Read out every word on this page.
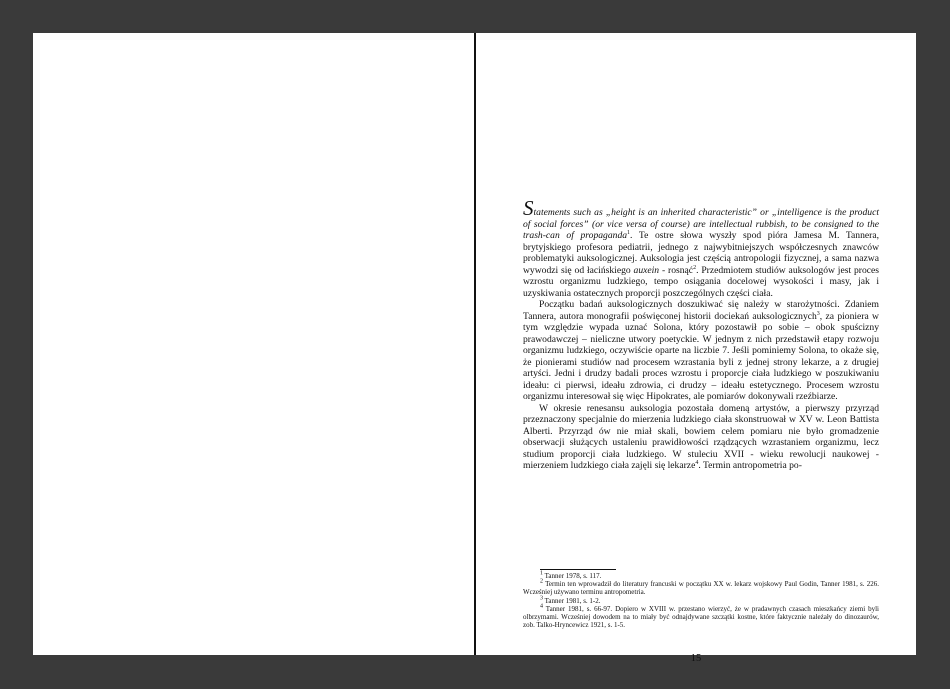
Statements such as „height is an inherited characteristic” or „intelligence is the product of social forces” (or vice versa of course) are intellectual rubbish, to be consigned to the trash-can of propaganda$^1$. Te ostre słowa wyszły spod pióra Jamesa M. Tannera, brytyjskiego profesora pediatrii, jednego z najwybitniejszych współczesnych znawców problematyki auksologicznej. Auksologia jest częścią antropologii fizycznej, a sama nazwa wywodzi się od łacińskiego auxein - rosnąć$^2$. Przedmiotem studiów auksologów jest proces wzrostu organizmu ludzkiego, tempo osiągania docelowej wysokości i masy, jak i uzyskiwania ostatecznych proporcji poszczególnych części ciała.

Początku badań auksologicznych doszukiwać się należy w starożytności. Zdaniem Tannera, autora monografii poświęconej historii dociekań auksologicznych$^3$, za pioniera w tym względzie wypada uznać Solona, który pozostawił po sobie – obok spuścizny prawodawczej – nieliczne utwory poetyckie. W jednym z nich przedstawił etapy rozwoju organizmu ludzkiego, oczywiście oparte na liczbie 7. Jeśli pominiemy Solona, to okaże się, że pionierami studiów nad procesem wzrastania byli z jednej strony lekarze, a z drugiej artyści. Jedni i drudzy badali proces wzrostu i proporcje ciała ludzkiego w poszukiwaniu ideału: ci pierwsi, ideału zdrowia, ci drudzy – ideału estetycznego. Procesem wzrostu organizmu interesował się więc Hipokrates, ale pomiarów dokonywali rzeźbiarze.

W okresie renesansu auksologia pozostała domeną artystów, a pierwszy przyrząd przeznaczony specjalnie do mierzenia ludzkiego ciała skonstruował w XV w. Leon Battista Alberti. Przyrząd ów nie miał skali, bowiem celem pomiaru nie było gromadzenie obserwacji służących ustaleniu prawidłowości rządzących wzrastaniem organizmu, lecz studium proporcji ciała ludzkiego. W stuleciu XVII - wieku rewolucji naukowej - mierzeniem ludzkiego ciała zajęli się lekarze$^4$. Termin antropometria po-

$^1$ Tanner 1978, s. 117.

$^2$ Termin ten wprowadził do literatury francuski w początku XX w. lekarz wojskowy Paul Godin, Tanner 1981, s. 226. Wcześniej używano terminu antropometria.

$^3$ Tanner 1981, s. 1-2.

$^4$ Tanner 1981, s. 66-97. Dopiero w XVIII w. przestano wierzyć, że w pradawnych czasach mieszkańcy ziemi byli olbrzymami. Wcześniej dowodem na to miały być odnajdywane szczątki kostne, które faktycznie należały do dinozaurów, zob. Talko-Hryncewicz 1921, s. 1-5.

15
